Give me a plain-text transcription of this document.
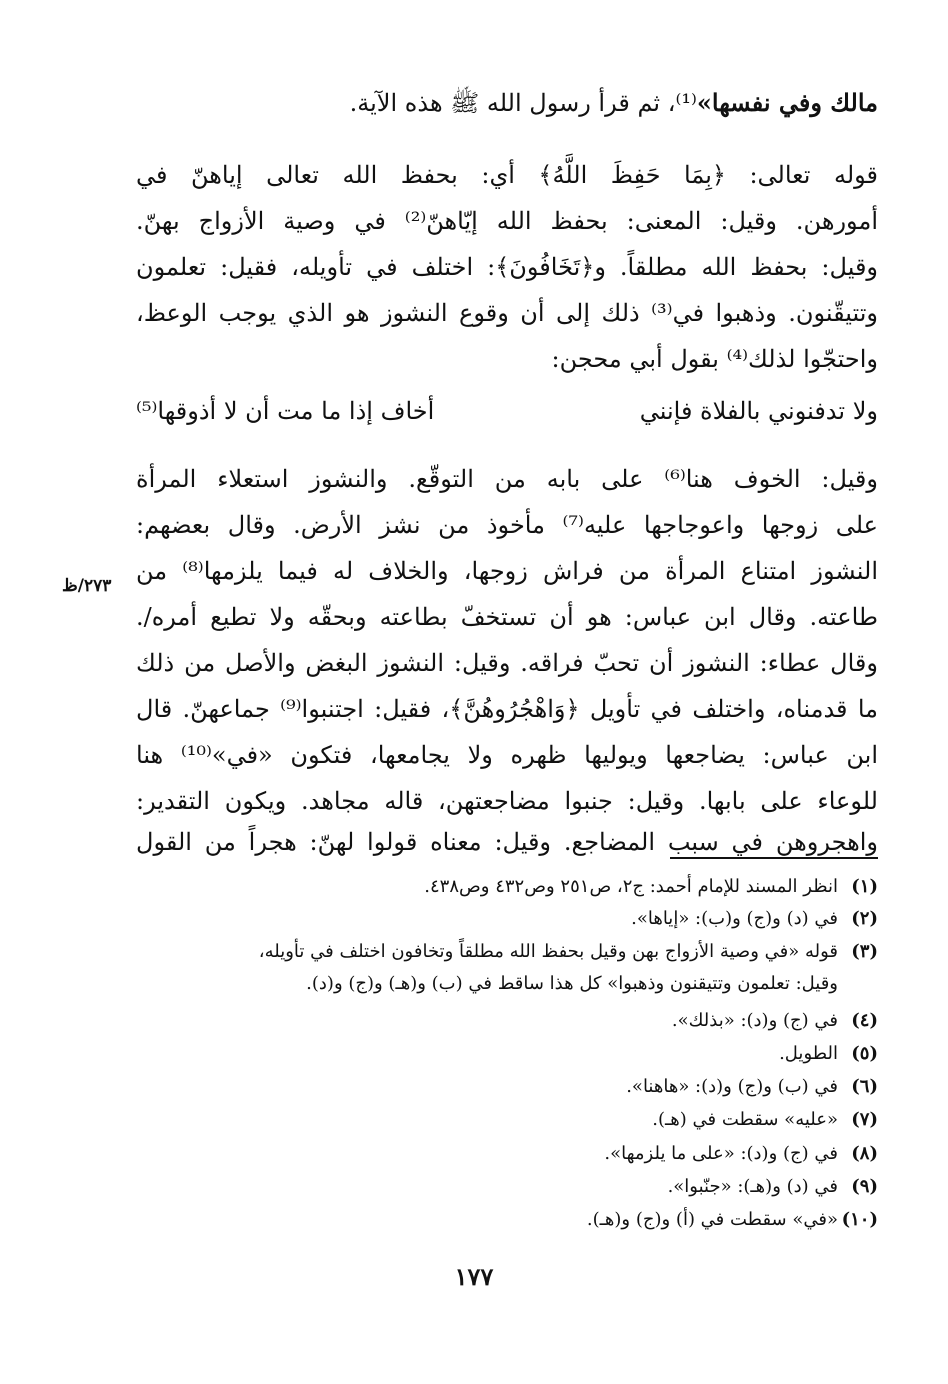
مالك وفي نفسها»⁽¹⁾، ثم قرأ رسول الله ﷺ هذه الآية.
قوله تعالى: ﴿بِمَا حَفِظَ اللَّهُ﴾ أي: بحفظ الله تعالى إياهنّ في
أمورهن. وقيل: المعنى: بحفظ الله إيّاهنّ⁽²⁾ في وصية الأزواج بهنّ.
وقيل: بحفظ الله مطلقاً. و﴿تَخَافُونَ﴾: اختلف في تأويله، فقيل: تعلمون
وتتيقّنون. وذهبوا في⁽³⁾ ذلك إلى أن وقوع النشوز هو الذي يوجب الوعظ،
واحتجّوا لذلك⁽⁴⁾ بقول أبي محجن:
ولا تدفنوني بالفلاة فإنني
أخاف إذا ما مت أن لا أذوقها⁽⁵⁾
وقيل: الخوف هنا⁽⁶⁾ على بابه من التوقّع. والنشوز استعلاء المرأة
على زوجها واعوجاجها عليه⁽⁷⁾ مأخوذ من نشز الأرض. وقال بعضهم:
النشوز امتناع المرأة من فراش زوجها، والخلاف له فيما يلزمها⁽⁸⁾ من
طاعته. وقال ابن عباس: هو أن تستخفّ بطاعته وبحقّه ولا تطيع أمره/.
وقال عطاء: النشوز أن تحبّ فراقه. وقيل: النشوز البغض والأصل من ذلك
ما قدمناه، واختلف في تأويل ﴿وَاهْجُرُوهُنَّ﴾، فقيل: اجتنبوا⁽⁹⁾ جماعهنّ. قال
ابن عباس: يضاجعها ويوليها ظهره ولا يجامعها، فتكون «في»⁽¹⁰⁾ هنا
للوعاء على بابها. وقيل: جنبوا مضاجعتهن، قاله مجاهد. ويكون التقدير:
واهجروهن في سبب المضاجع. وقيل: معناه قولوا لهنّ: هجراً من القول
٢٧٣/ظ
(١)
انظر المسند للإمام أحمد: ج٢، ص٢٥١ وص٤٣٢ وص٤٣٨.
(٢)
في (د) و(ج) و(ب): «إياها».
(٣)
قوله «في وصية الأزواج بهن وقيل بحفظ الله مطلقاً وتخافون اختلف في تأويله،
وقيل: تعلمون وتتيقنون وذهبوا» كل هذا ساقط في (ب) و(هـ) و(ج) و(د).
(٤)
في (ج) و(د): «بذلك».
(٥)
الطويل.
(٦)
في (ب) و(ج) و(د): «هاهنا».
(٧)
«عليه» سقطت في (هـ).
(٨)
في (ج) و(د): «على ما يلزمها».
(٩)
في (د) و(هـ): «جنّبوا».
(١٠)
«في» سقطت في (أ) و(ج) و(هـ).
١٧٧
